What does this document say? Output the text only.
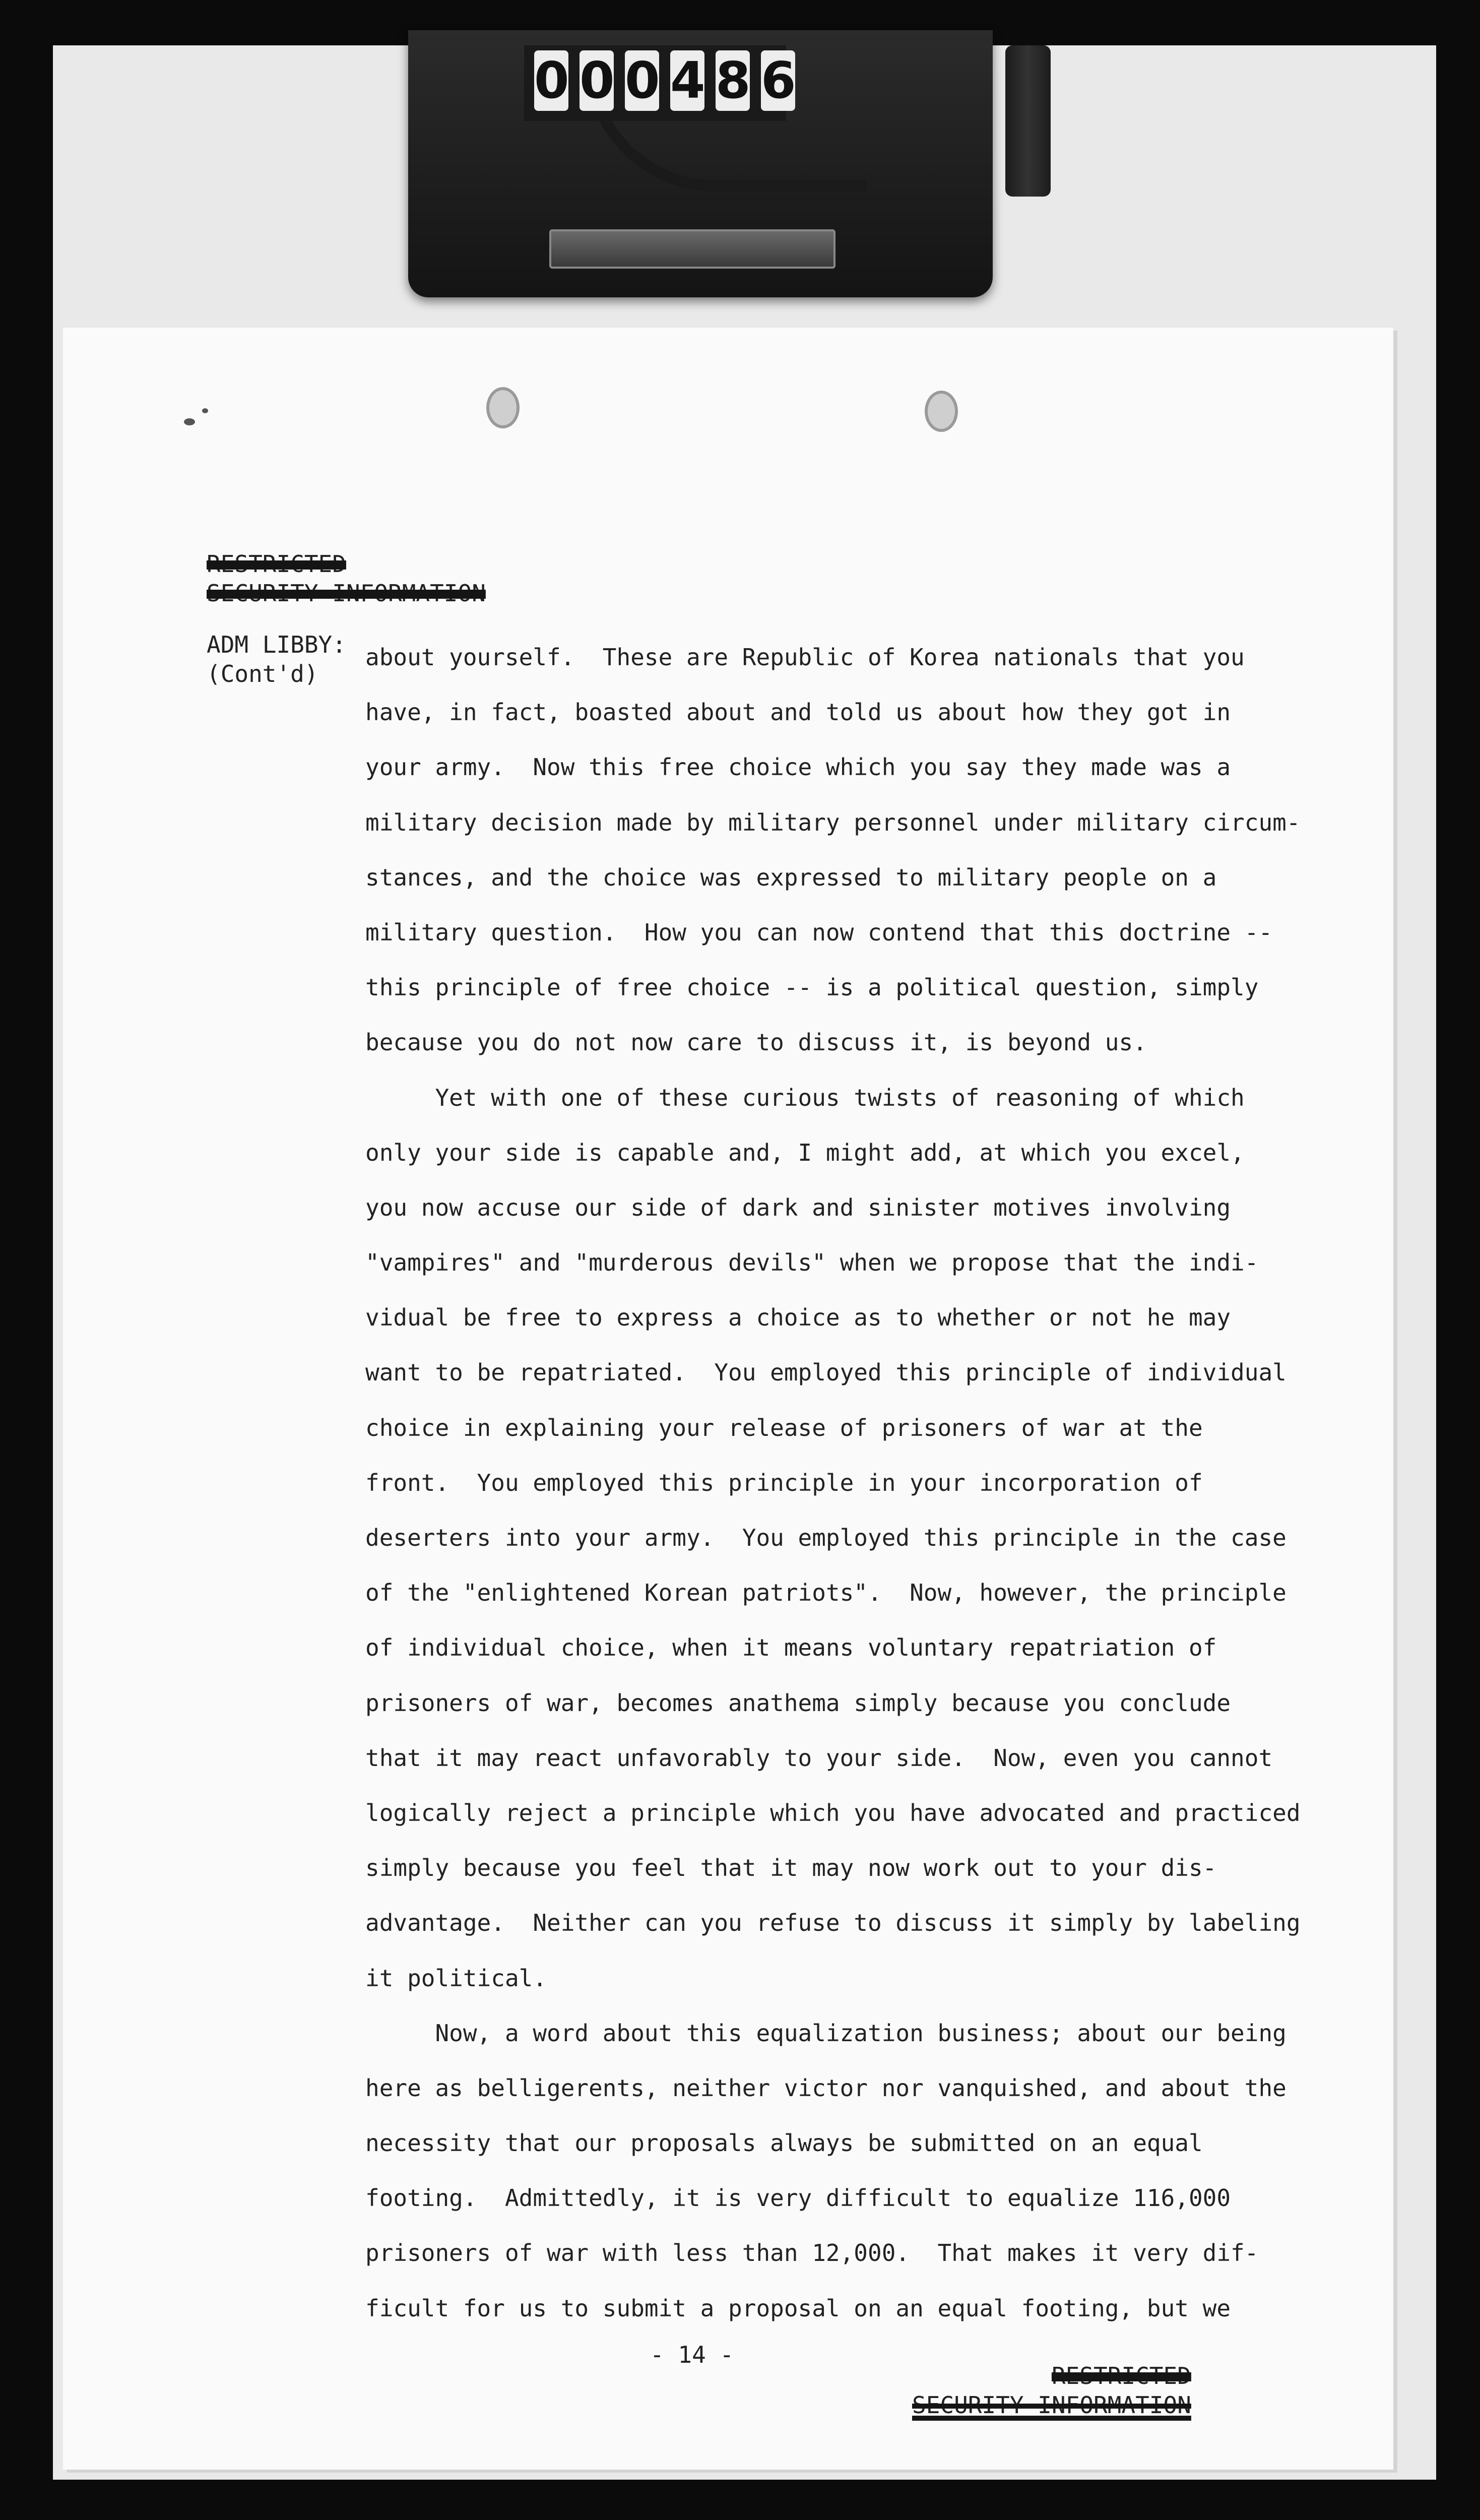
0 0 0 4 8 6
RESTRICTED
SECURITY INFORMATION
ADM LIBBY:
(Cont'd)
about yourself.  These are Republic of Korea nationals that you
have, in fact, boasted about and told us about how they got in
your army.  Now this free choice which you say they made was a
military decision made by military personnel under military circum-
stances, and the choice was expressed to military people on a
military question.  How you can now contend that this doctrine --
this principle of free choice -- is a political question, simply
because you do not now care to discuss it, is beyond us.
Yet with one of these curious twists of reasoning of which
only your side is capable and, I might add, at which you excel,
you now accuse our side of dark and sinister motives involving
"vampires" and "murderous devils" when we propose that the indi-
vidual be free to express a choice as to whether or not he may
want to be repatriated.  You employed this principle of individual
choice in explaining your release of prisoners of war at the
front.  You employed this principle in your incorporation of
deserters into your army.  You employed this principle in the case
of the "enlightened Korean patriots".  Now, however, the principle
of individual choice, when it means voluntary repatriation of
prisoners of war, becomes anathema simply because you conclude
that it may react unfavorably to your side.  Now, even you cannot
logically reject a principle which you have advocated and practiced
simply because you feel that it may now work out to your dis-
advantage.  Neither can you refuse to discuss it simply by labeling
it political.
Now, a word about this equalization business; about our being
here as belligerents, neither victor nor vanquished, and about the
necessity that our proposals always be submitted on an equal
footing.  Admittedly, it is very difficult to equalize 116,000
prisoners of war with less than 12,000.  That makes it very dif-
ficult for us to submit a proposal on an equal footing, but we
- 14 -
RESTRICTED
SECURITY INFORMATION
